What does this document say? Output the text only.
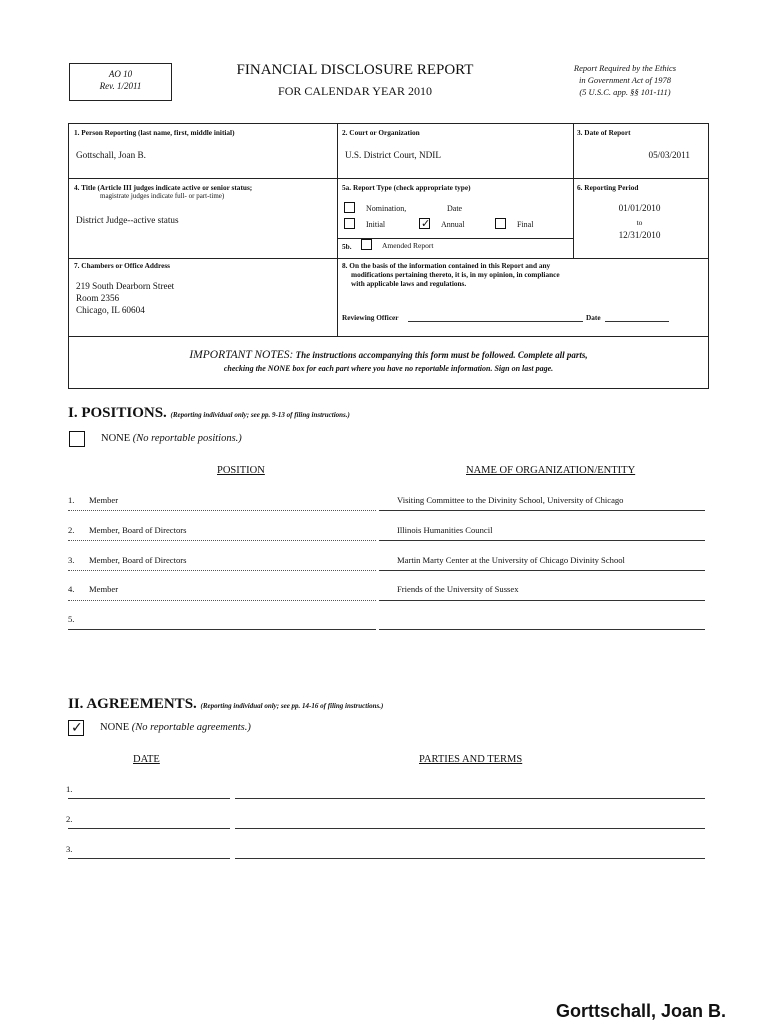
AO 10
Rev. 1/2011
FINANCIAL DISCLOSURE REPORT
FOR CALENDAR YEAR 2010
Report Required by the Ethics
in Government Act of 1978
(5 U.S.C. app. §§ 101-111)
1. Person Reporting (last name, first, middle initial)
Gottschall, Joan B.
2. Court or Organization
U.S. District Court, NDIL
3. Date of Report
05/03/2011
4. Title (Article III judges indicate active or senior status;
magistrate judges indicate full- or part-time)
District Judge--active status
5a. Report Type (check appropriate type)
Nomination,	Date
Initial	✓ Annual	Final
5b.	Amended Report
6. Reporting Period
01/01/2010
to
12/31/2010
7. Chambers or Office Address
219 South Dearborn Street
Room 2356
Chicago, IL 60604
8. On the basis of the information contained in this Report and any
modifications pertaining thereto, it is, in my opinion, in compliance
with applicable laws and regulations.
Reviewing Officer	Date
IMPORTANT NOTES: The instructions accompanying this form must be followed. Complete all parts,
checking the NONE box for each part where you have no reportable information. Sign on last page.
I. POSITIONS. (Reporting individual only; see pp. 9-13 of filing instructions.)
NONE (No reportable positions.)
POSITION	NAME OF ORGANIZATION/ENTITY
1. Member	Visiting Committee to the Divinity School, University of Chicago
2. Member, Board of Directors	Illinois Humanities Council
3. Member, Board of Directors	Martin Marty Center at the University of Chicago Divinity School
4. Member	Friends of the University of Sussex
5.
II. AGREEMENTS. (Reporting individual only; see pp. 14-16 of filing instructions.)
✓ NONE (No reportable agreements.)
DATE	PARTIES AND TERMS
1.
2.
3.
Gorttschall, Joan B.
